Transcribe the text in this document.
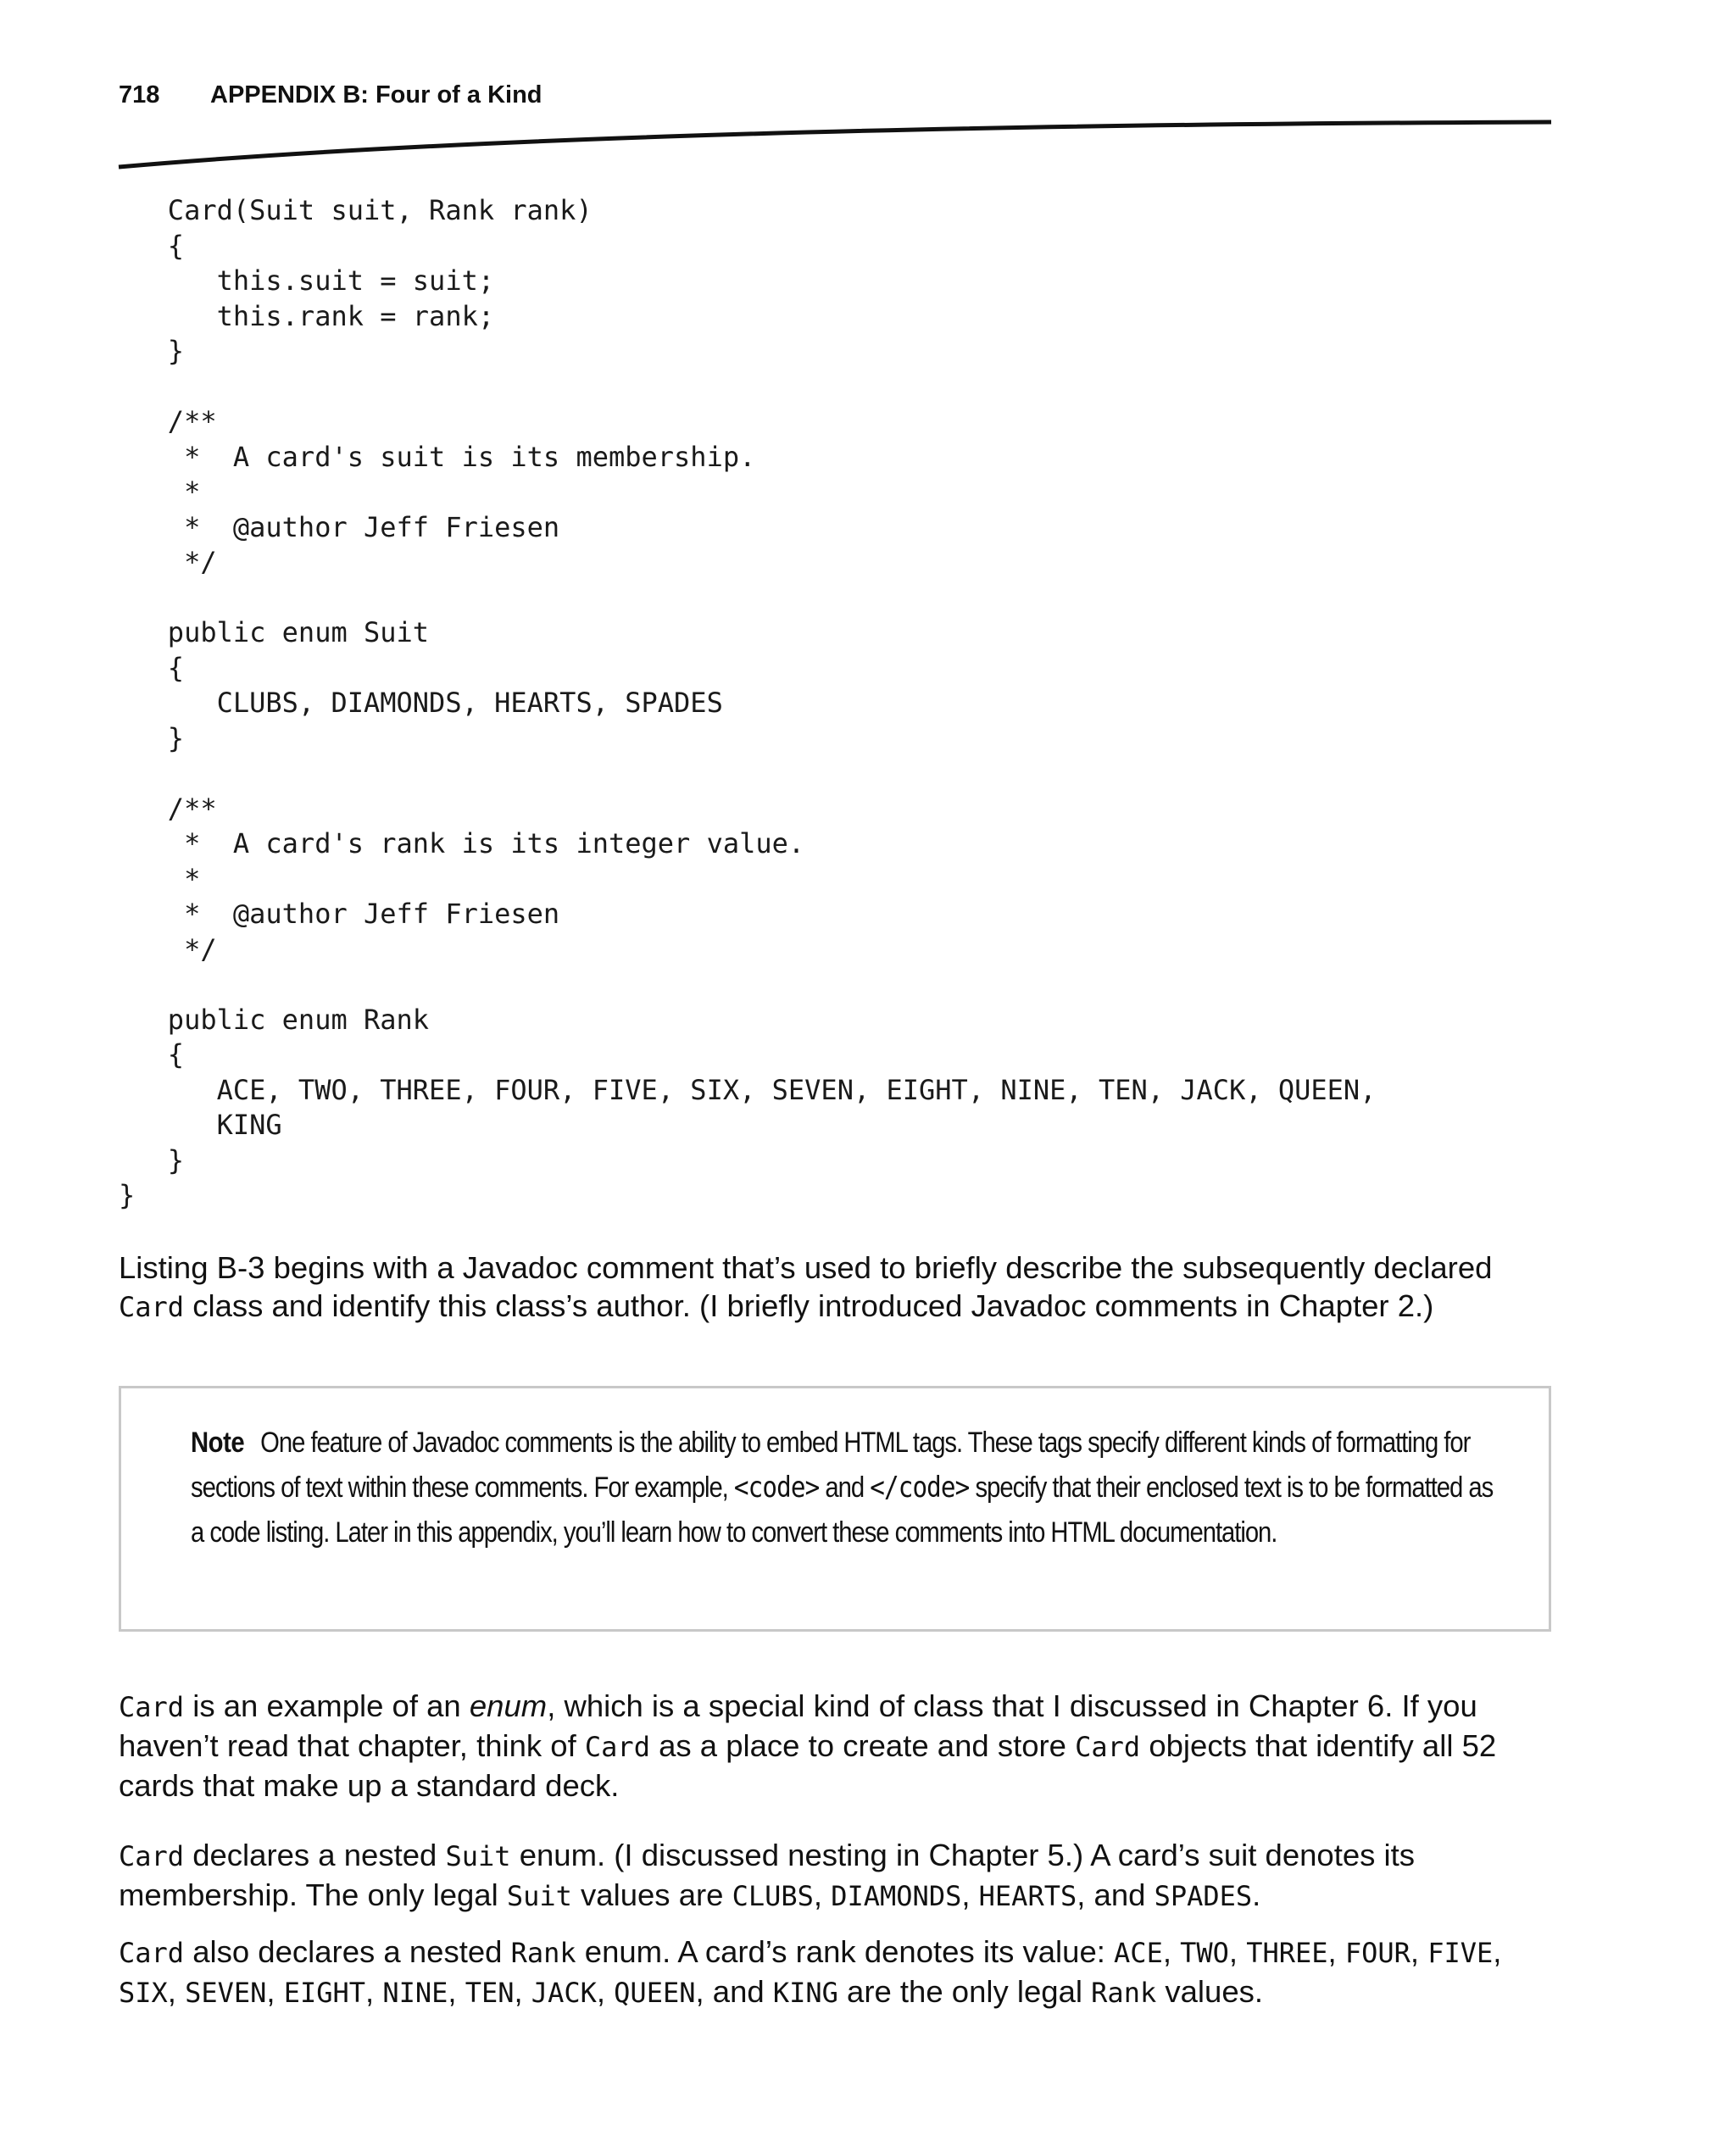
718	APPENDIX B: Four of a Kind
Card(Suit suit, Rank rank)
{
this.suit = suit;
this.rank = rank;
}

/**
*  A card's suit is its membership.
*
*  @author Jeff Friesen
*/

public enum Suit
{
CLUBS, DIAMONDS, HEARTS, SPADES
}

/**
*  A card's rank is its integer value.
*
*  @author Jeff Friesen
*/

public enum Rank
{
ACE, TWO, THREE, FOUR, FIVE, SIX, SEVEN, EIGHT, NINE, TEN, JACK, QUEEN,
KING
}
}
Listing B-3 begins with a Javadoc comment that’s used to briefly describe the subsequently declared Card class and identify this class’s author. (I briefly introduced Javadoc comments in Chapter 2.)
Note One feature of Javadoc comments is the ability to embed HTML tags. These tags specify different kinds of formatting for sections of text within these comments. For example, <code> and </code> specify that their enclosed text is to be formatted as a code listing. Later in this appendix, you’ll learn how to convert these comments into HTML documentation.
Card is an example of an enum, which is a special kind of class that I discussed in Chapter 6. If you haven’t read that chapter, think of Card as a place to create and store Card objects that identify all 52 cards that make up a standard deck.
Card declares a nested Suit enum. (I discussed nesting in Chapter 5.) A card’s suit denotes its membership. The only legal Suit values are CLUBS, DIAMONDS, HEARTS, and SPADES.
Card also declares a nested Rank enum. A card’s rank denotes its value: ACE, TWO, THREE, FOUR, FIVE, SIX, SEVEN, EIGHT, NINE, TEN, JACK, QUEEN, and KING are the only legal Rank values.
